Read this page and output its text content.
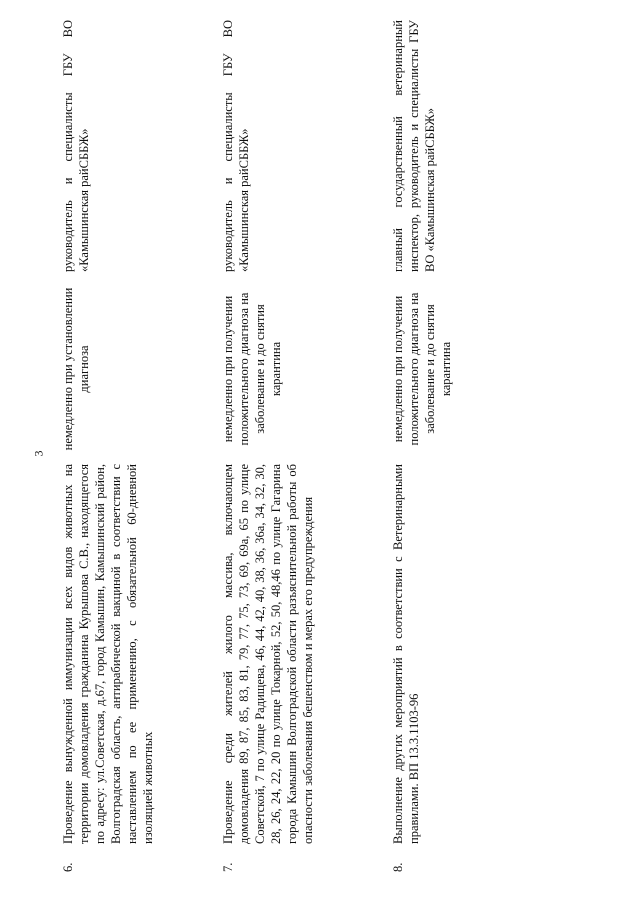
3
6.	Проведение вынужденной иммунизации всех видов животных на территории домовладения гражданина Курышова С.В., находящегося по адресу: ул.Советская, д.67, город Камышин, Камышинский район, Волгоградская область, антирабической вакциной в соответствии с наставлением по ее применению, с обязательной 60-дневной изоляцией животных	немедленно при установлении диагноза	руководитель и специалисты ГБУ ВО «Камышинская райСББЖ»
7.	Проведение среди жителей жилого массива, включающем домовладения 89, 87, 85, 83, 81, 79, 77, 75, 73, 69, 69а, 65 по улице Советской, 7 по улице Радищева, 46, 44, 42, 40, 38, 36, 36а, 34, 32, 30, 28, 26, 24, 22, 20 по улице Токарной, 52, 50, 48,46 по улице Гагарина города Камышин Волгоградской области разъяснительной работы об опасности заболевания бешенством и мерах его предупреждения	немедленно при получении положительного диагноза на заболевание и до снятия карантина	руководитель и специалисты ГБУ ВО «Камышинская райСББЖ»
8.	Выполнение других мероприятий в соответствии с Ветеринарными правилами. ВП 13.3.1103-96	немедленно при получении положительного диагноза на заболевание и до снятия карантина	главный государственный ветеринарный инспектор, руководитель и специалисты ГБУ ВО «Камышинская райСББЖ»
